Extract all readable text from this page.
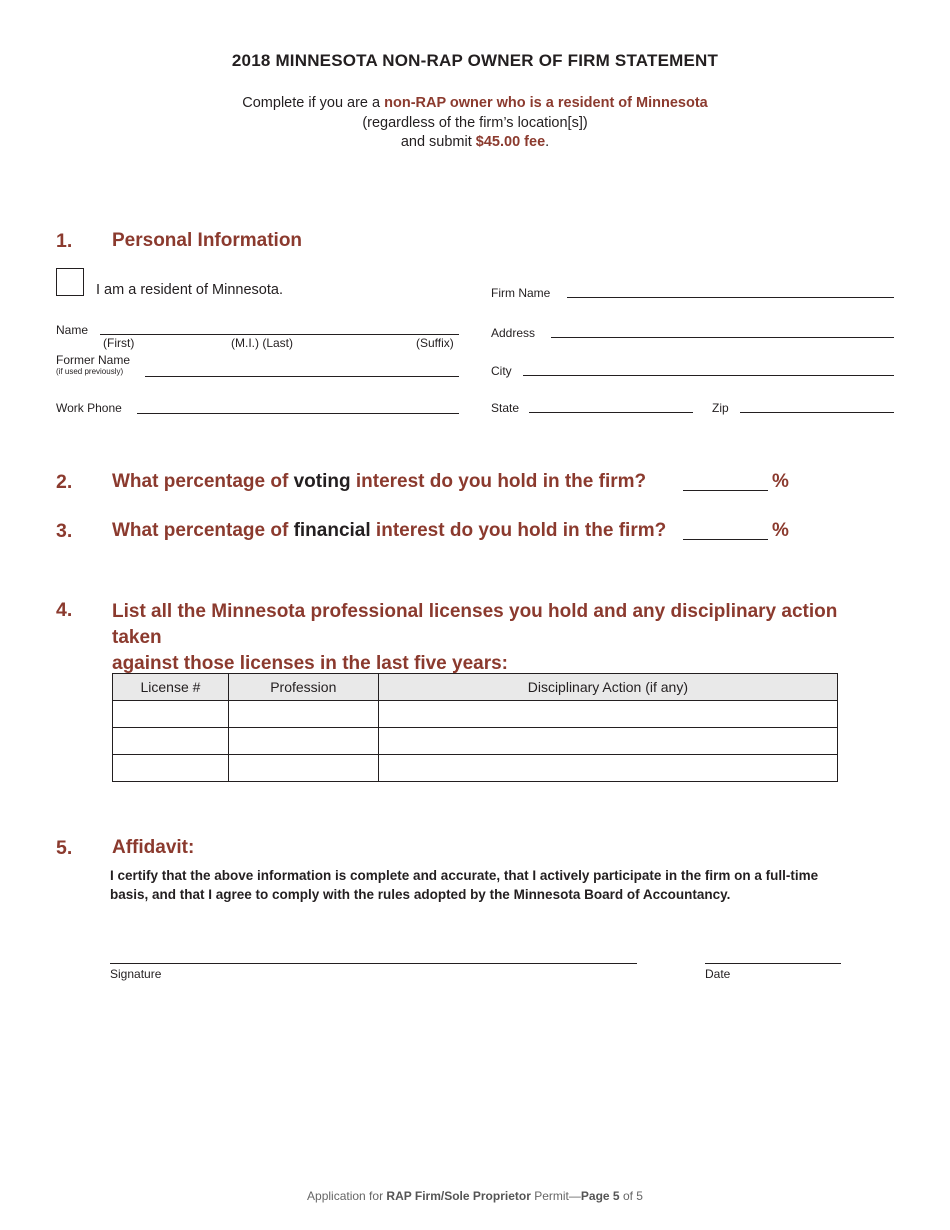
2018 MINNESOTA NON-RAP OWNER OF FIRM STATEMENT
Complete if you are a non-RAP owner who is a resident of Minnesota
(regardless of the firm’s location[s])
and submit $45.00 fee.
1. Personal Information
I am a resident of Minnesota.
Name
(First)	(M.I.) (Last)	(Suffix)
Former Name
(if used previously)
Work Phone
Firm Name
Address
City
State	Zip
2. What percentage of voting interest do you hold in the firm?	%
3. What percentage of financial interest do you hold in the firm?	%
4. List all the Minnesota professional licenses you hold and any disciplinary action taken
against those licenses in the last five years:
License #	Profession	Disciplinary Action (if any)

5. Affidavit:
I certify that the above information is complete and accurate, that I actively participate in the firm on a full-time basis, and that I agree to comply with the rules adopted by the Minnesota Board of Accountancy.
Signature	Date
Application for RAP Firm/Sole Proprietor Permit—Page 5 of 5
